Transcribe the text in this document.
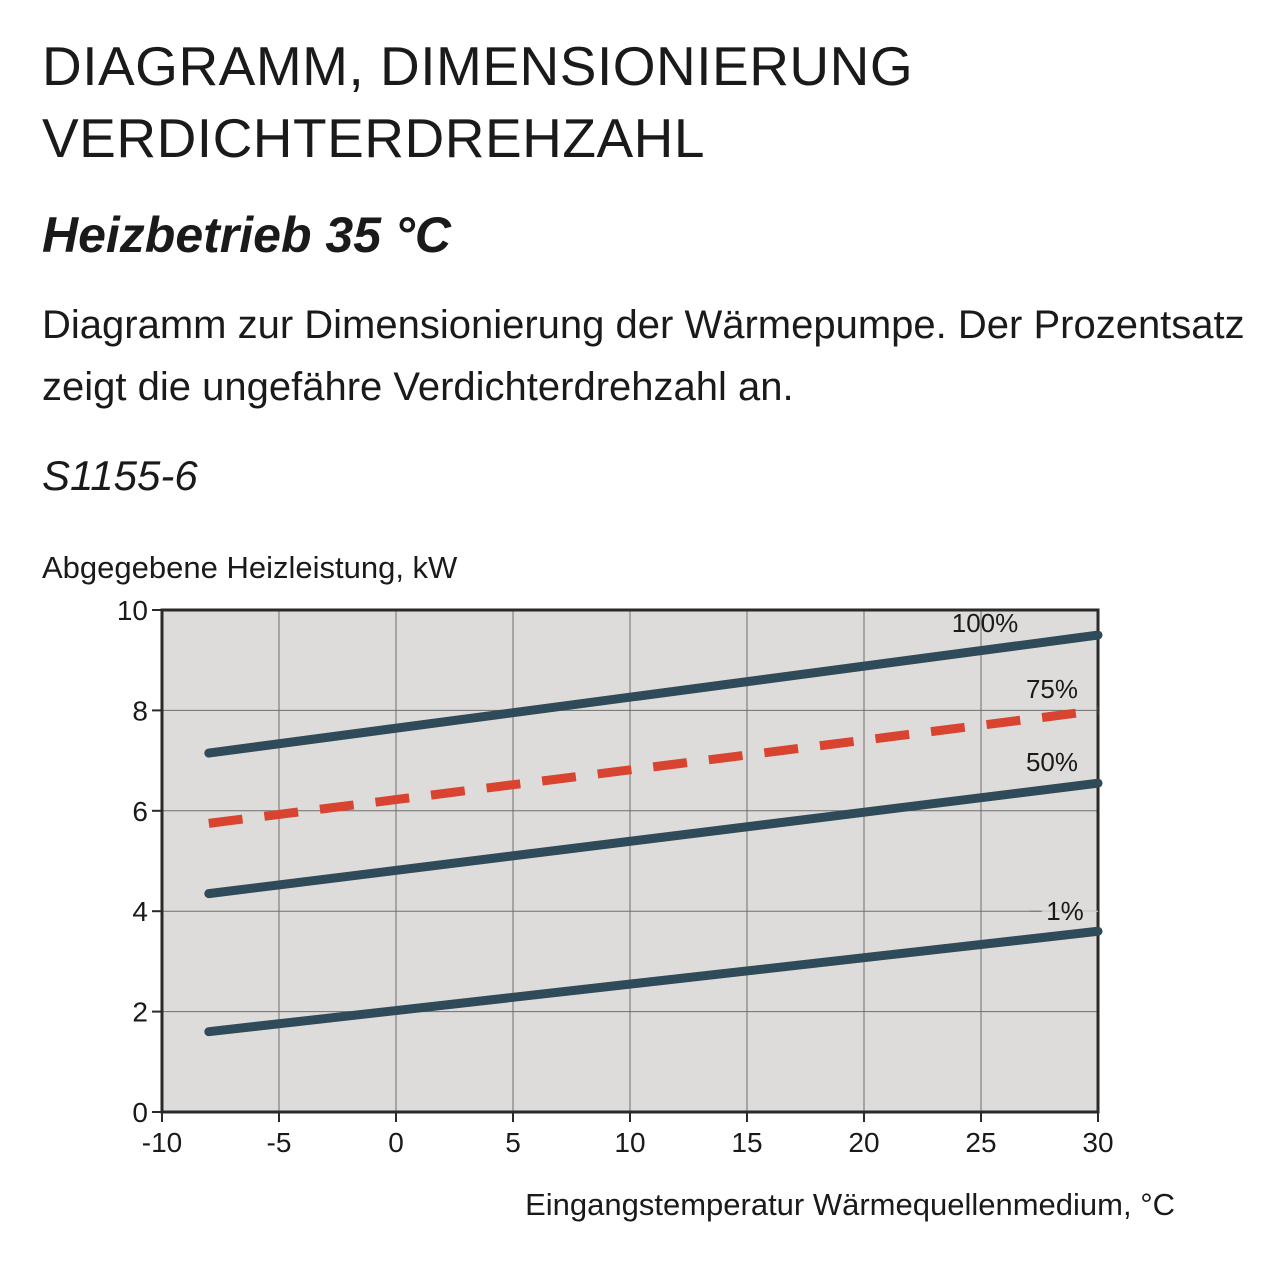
DIAGRAMM, DIMENSIONIERUNG
VERDICHTERDREHZAHL
Heizbetrieb 35 °C

Diagramm zur Dimensionierung der Wärmepumpe. Der Prozentsatz zeigt die ungefähre Verdichterdrehzahl an.

S1155-6

0
2
4
6
8
10
-10	-5	0	5	10	15	20	25	30
Abgegebene Heizleistung, kW
Eingangstemperatur Wärmequellenmedium, °C
100%
75%
50%
1%
